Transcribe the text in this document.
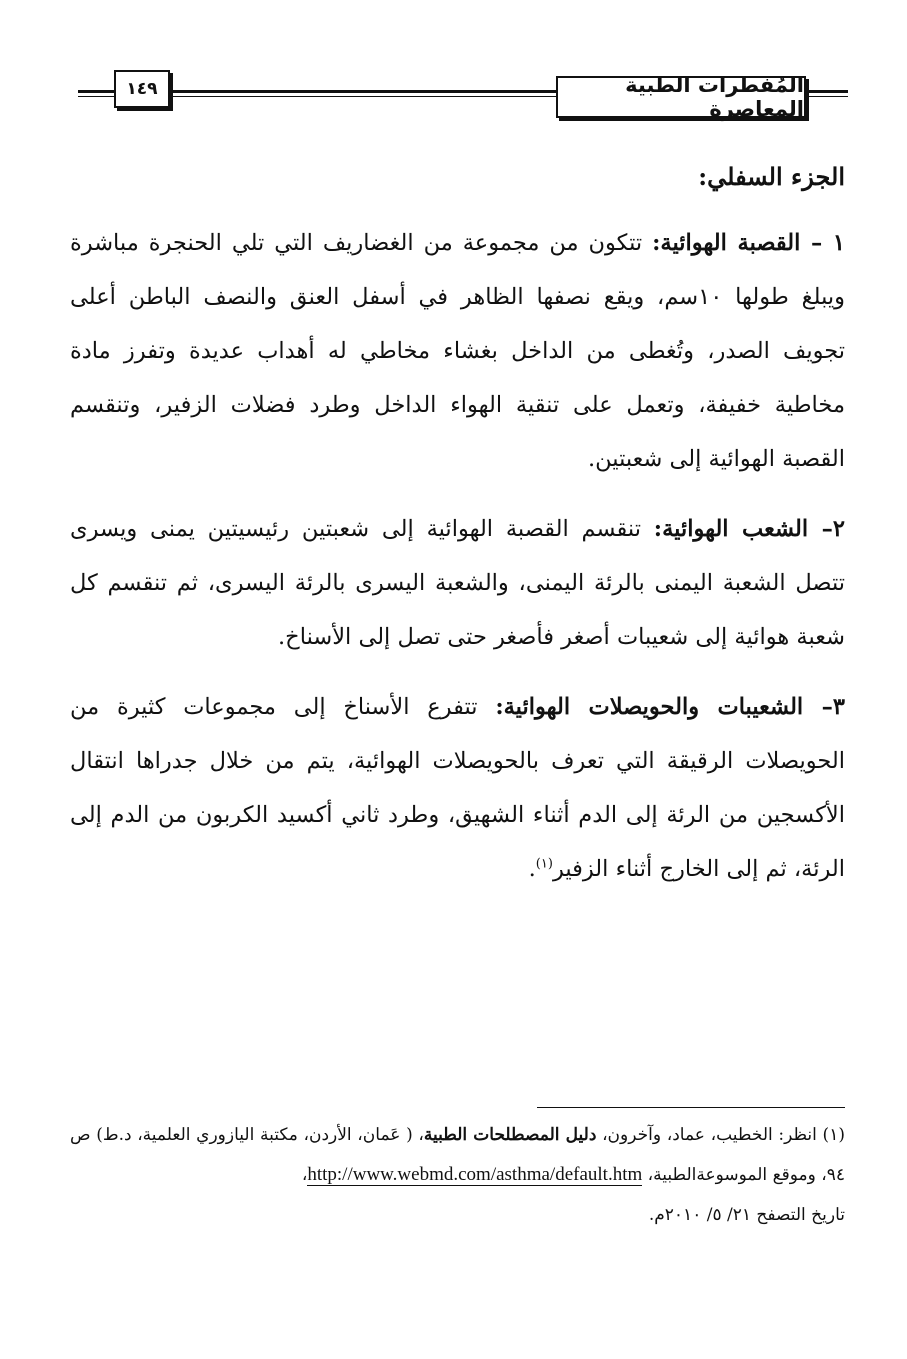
المُفطرات الطبية المعاصرة
١٤٩

الجزء السفلي:

١ – القصبة الهوائية: تتكون من مجموعة من الغضاريف التي تلي الحنجرة مباشرة ويبلغ طولها ١٠سم، ويقع نصفها الظاهر في أسفل العنق والنصف الباطن أعلى تجويف الصدر، وتُغطى من الداخل بغشاء مخاطي له أهداب عديدة وتفرز مادة مخاطية خفيفة، وتعمل على تنقية الهواء الداخل وطرد فضلات الزفير، وتنقسم القصبة الهوائية إلى شعبتين.

٢– الشعب الهوائية: تنقسم القصبة الهوائية إلى شعبتين رئيسيتين يمنى ويسرى تتصل الشعبة اليمنى بالرئة اليمنى، والشعبة اليسرى بالرئة اليسرى، ثم تنقسم كل شعبة هوائية إلى شعيبات أصغر فأصغر حتى تصل إلى الأسناخ.

٣– الشعيبات والحويصلات الهوائية: تتفرع الأسناخ إلى مجموعات كثيرة من الحويصلات الرقيقة التي تعرف بالحويصلات الهوائية، يتم من خلال جدراها انتقال الأكسجين من الرئة إلى الدم أثناء الشهيق، وطرد ثاني أكسيد الكربون من الدم إلى الرئة، ثم إلى الخارج أثناء الزفير$^{(١)}$.

(١) انظر: الخطيب، عماد، وآخرون، دليل المصطلحات الطبية، ( عَمان، الأردن، مكتبة اليازوري العلمية، د.ط) ص ٩٤، وموقع الموسوعةالطبية، http://www.webmd.com/asthma/default.htm،

تاريخ التصفح ٢١/ ٥/ ٢٠١٠م.
